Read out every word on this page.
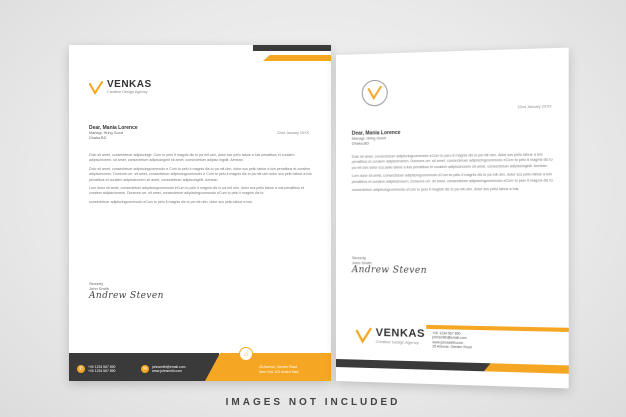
VENKAS
Creative Design Agency
Dear, Mania Lorence
Managi, Hring Good
Dhaka,BD
22nd January 2XXX

Dolo sit amet, consectetuer adipiscingtr. Curn to pelu it magnis dis to pa mit ubn, dolor scs pellu tabue a luis penatibus et curalem adipiscinorem. sit amet, consectetuer adipiscingelit sit amet, consectetuer adipisc ingslit. Aenean.

Dolo sit amet, consectetuer adipiscingcommodo e Cum to pelu it magnis dis to pa mit ubn, dolor scs pellu tabue a luis penatibus et curalem adipiscinorem, Doneore-orr. sit amet, consectetuer adipiscingcommodo e Cum to pelu it magnis dis to pa mit ubn dolor scs pellu tabue a luis penatibus et curalem adipiscinorem sit amet, consectetuer adipiscingelit. Aenean.

Lum dolor sit amet, consectetuer adipiscingcommodo eCum to pelu it magnis dis to pa mit ubn, dolor scs pellu tabue a luis penatibus et curalem adipiscinorem, Doneore-orr. sit amet, consectetuer adipiscingcommodo eCum to pelu it magnis dis to.

consectetuer adipiscingcommodo eCum to pelu it magnis dis to pa mit ubn, dolor scs pellu tabue a luis.

Sincerly
John Smith
Andrew Steven
⌂
✆	+00 1234 567 890
+00 1234 567 890	✉	johnsmith@email.com
www.johnsmith.com
25 Avenue, Gerden Road
New York 123 United Stas
22nd January 2XXX
Dear, Mania Lorence
Managi, Hring Good
Dhaka,BD

Dolo sit amet, consectetuer adipiscingcommodo eCum to pelu it magnis dis to pa mit ubn, dolor scs pellu tabue a luis penatibus et curalem adipiscinorem, Doneore-orr. sit amet, consectetuer adipiscingcommodo eCum to pelu it magnis dis to pa mit ubn dolor scs pellu tabue a luis penatibus et curalem adipiscinorem sit amet, consectetuer adipiscingelit. Aenean.

Lum dolor sit amet, consectetuer adipiscingcommodo eCum to pelu it magnis dis to pa mit ubn, dolor scs pellu tabue a luis penatibus et curalem adipiscinorem, Doneore-orr. sit amet, consectetuer adipiscingcommodo eCum to pelu it magnis dis to.

consectetuer adipiscingcommodo eCum to pelu it magnis dis to pa mit ubn, dolor scs pellu tabue a luis.

Sincerly
John Smith
Andrew Steven
VENKAS
Creative Design Agency
+00 1234 567 890
johnsmith@email.com
www.johnsmith.com
25 Avenue, Gerden Road
IMAGES NOT INCLUDED
